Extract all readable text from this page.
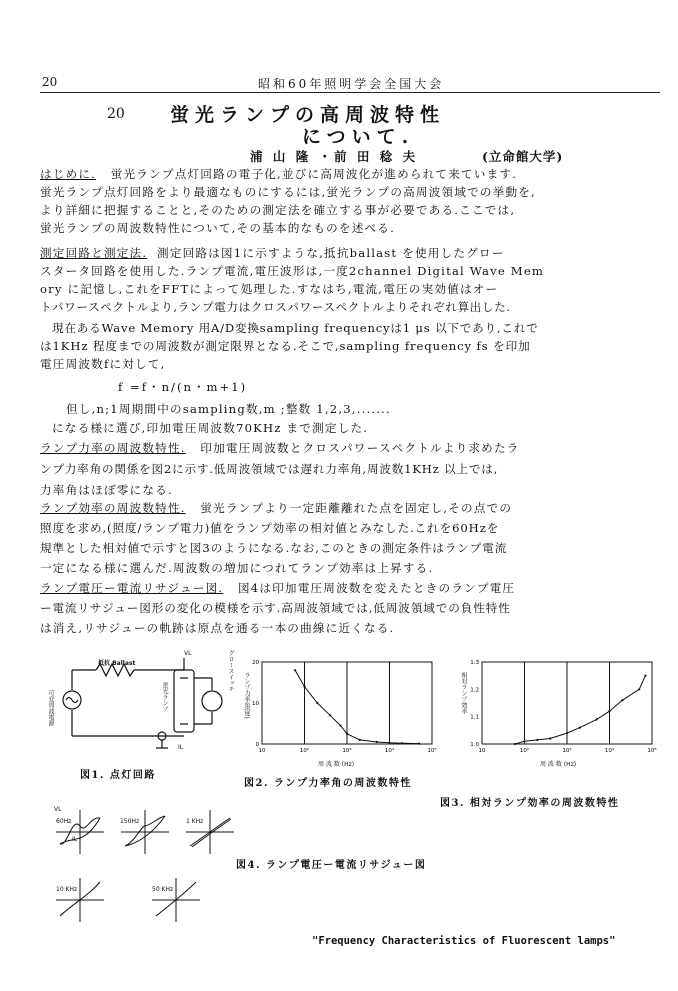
20	昭和60年照明学会全国大会
20 蛍光ランプの高周波特性
について.
浦 山 隆 ・前 田 稔 夫	(立命館大学)
はじめに. 蛍光ランプ点灯回路の電子化,並びに高周波化が進められて来ています.
蛍光ランプ点灯回路をより最適なものにするには,蛍光ランプの高周波領域での挙動を,
より詳細に把握することと,そのための測定法を確立する事が必要である.ここでは,
蛍光ランプの周波数特性について,その基本的なものを述べる.
測定回路と測定法. 測定回路は図1に示すような,抵抗ballast を使用したグロー
スタータ回路を使用した.ランプ電流,電圧波形は,一度2channel Digital Wave Mem
ory に記憶し,これをFFTによって処理した.すなはち,電流,電圧の実効値はオー
トパワースペクトルより,ランプ電力はクロスパワースペクトルよりそれぞれ算出した.
現在あるWave Memory 用A/D変換sampling frequencyは1 μs 以下であり,これで
は1KHz 程度までの周波数が測定限界となる.そこで,sampling frequency fs を印加
電圧周波数fに対して,
f =f・n/(n・m+1)
但し,n;1周期間中のsampling数,m ;整数 1,2,3,.......
になる様に選び,印加電圧周波数70KHz まで測定した.
ランプ力率の周波数特性. 印加電圧周波数とクロスパワースペクトルより求めたラ
ンプ力率角の関係を図2に示す.低周波領域では遅れ力率角,周波数1KHz 以上では,
力率角はほぼ零になる.
ランプ効率の周波数特性. 蛍光ランプより一定距離離れた点を固定し,その点での
照度を求め,(照度/ランプ電力)値をランプ効率の相対値とみなした.これを60Hzを
規準とした相対値で示すと図3のようになる.なお,このときの測定条件はランプ電流
一定になる様に選んだ.周波数の増加につれてランプ効率は上昇する.
ランプ電圧ー電流リサジュー図. 図4は印加電圧周波数を変えたときのランプ電圧
ー電流リサジュー図形の変化の模様を示す.高周波領域では,低周波領域での負性特性
は消え,リサジューの軌跡は原点を通る一本の曲線に近くなる.
可変周波電源
抵抗 Ballast
蛍光ランプ
グロースイッチ
VL
IL
図1. 点灯回路
10	10²	10³	10⁴	10⁵
0
10
20
ランプ力率角(度)
周 波 数 (Hz)
図2. ランプ力率角の周波数特性
10	10²	10³	10⁴	10⁵
1.0
1.1
1.2
1.3
相対ランプ効率
周 波 数 (Hz)
図3. 相対ランプ効率の周波数特性
60Hz	150Hz	1 KHz
10 KHz	50 KHz
VL
IL
図4. ランプ電圧ー電流リサジュー図
"Frequency Characteristics of Fluorescent lamps"
